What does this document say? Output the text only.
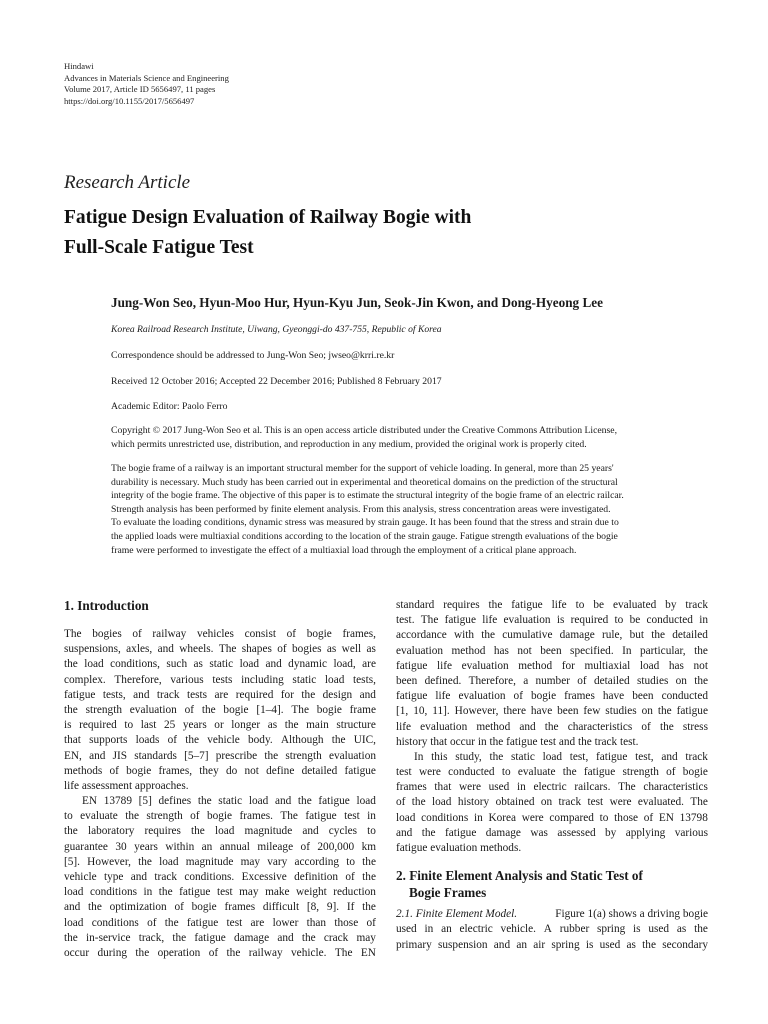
Hindawi
Advances in Materials Science and Engineering
Volume 2017, Article ID 5656497, 11 pages
https://doi.org/10.1155/2017/5656497
Research Article
Fatigue Design Evaluation of Railway Bogie with
Full-Scale Fatigue Test
Jung-Won Seo, Hyun-Moo Hur, Hyun-Kyu Jun, Seok-Jin Kwon, and Dong-Hyeong Lee
Korea Railroad Research Institute, Uiwang, Gyeonggi-do 437-755, Republic of Korea
Correspondence should be addressed to Jung-Won Seo; jwseo@krri.re.kr
Received 12 October 2016; Accepted 22 December 2016; Published 8 February 2017
Academic Editor: Paolo Ferro
Copyright © 2017 Jung-Won Seo et al. This is an open access article distributed under the Creative Commons Attribution License,
which permits unrestricted use, distribution, and reproduction in any medium, provided the original work is properly cited.
The bogie frame of a railway is an important structural member for the support of vehicle loading. In general, more than 25 years'
durability is necessary. Much study has been carried out in experimental and theoretical domains on the prediction of the structural
integrity of the bogie frame. The objective of this paper is to estimate the structural integrity of the bogie frame of an electric railcar.
Strength analysis has been performed by finite element analysis. From this analysis, stress concentration areas were investigated.
To evaluate the loading conditions, dynamic stress was measured by strain gauge. It has been found that the stress and strain due to
the applied loads were multiaxial conditions according to the location of the strain gauge. Fatigue strength evaluations of the bogie
frame were performed to investigate the effect of a multiaxial load through the employment of a critical plane approach.
1. Introduction

The bogies of railway vehicles consist of bogie frames,
suspensions, axles, and wheels. The shapes of bogies as well as
the load conditions, such as static load and dynamic load, are
complex. Therefore, various tests including static load tests,
fatigue tests, and track tests are required for the design and
the strength evaluation of the bogie [1–4]. The bogie frame
is required to last 25 years or longer as the main structure
that supports loads of the vehicle body. Although the UIC,
EN, and JIS standards [5–7] prescribe the strength evaluation
methods of bogie frames, they do not define detailed fatigue
life assessment approaches.

EN 13789 [5] defines the static load and the fatigue load
to evaluate the strength of bogie frames. The fatigue test in
the laboratory requires the load magnitude and cycles to
guarantee 30 years within an annual mileage of 200,000 km
[5]. However, the load magnitude may vary according to the
vehicle type and track conditions. Excessive definition of the
load conditions in the fatigue test may make weight reduction
and the optimization of bogie frames difficult [8, 9]. If the
load conditions of the fatigue test are lower than those of
the in-service track, the fatigue damage and the crack may
occur during the operation of the railway vehicle. The EN

standard requires the fatigue life to be evaluated by track
test. The fatigue life evaluation is required to be conducted in
accordance with the cumulative damage rule, but the detailed
evaluation method has not been specified. In particular, the
fatigue life evaluation method for multiaxial load has not
been defined. Therefore, a number of detailed studies on the
fatigue life evaluation of bogie frames have been conducted
[1, 10, 11]. However, there have been few studies on the fatigue
life evaluation method and the characteristics of the stress
history that occur in the fatigue test and the track test.

In this study, the static load test, fatigue test, and track
test were conducted to evaluate the fatigue strength of bogie
frames that were used in electric railcars. The characteristics
of the load history obtained on track test were evaluated. The
load conditions in Korea were compared to those of EN 13798
and the fatigue damage was assessed by applying various
fatigue evaluation methods.

2. Finite Element Analysis and Static Test of
Bogie Frames

2.1. Finite Element Model.	Figure 1(a) shows a driving bogie
used in an electric vehicle. A rubber spring is used as the
primary suspension and an air spring is used as the secondary
